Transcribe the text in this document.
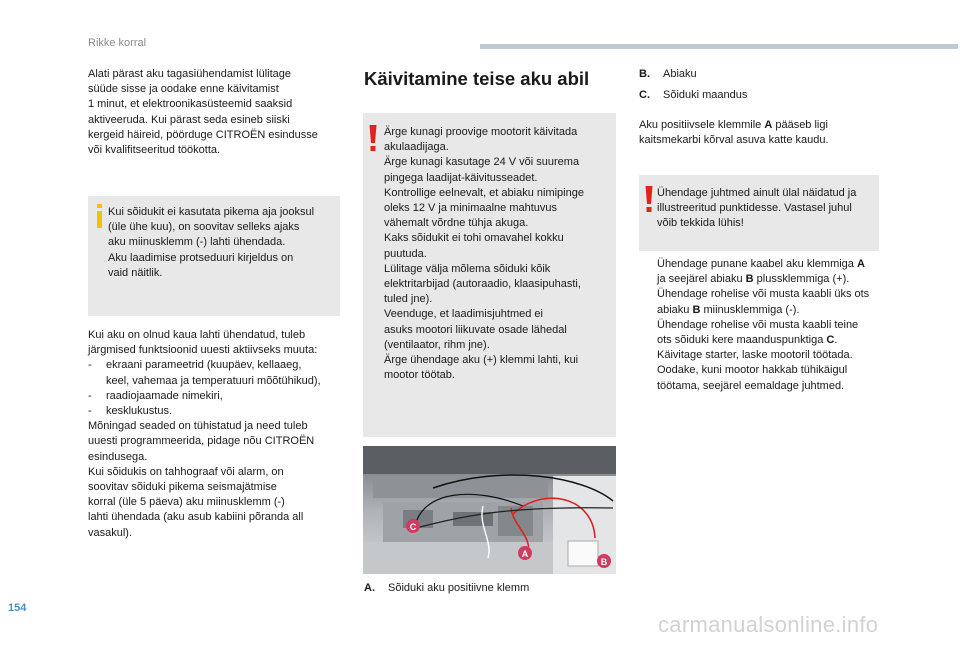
Rikke korral
Alati pärast aku tagasiühendamist lülitage
süüde sisse ja oodake enne käivitamist
1 minut, et elektroonikasüsteemid saaksid
aktiveeruda. Kui pärast seda esineb siiski
kergeid häireid, pöörduge CITROËN esindusse
või kvalifitseeritud töökotta.
Kui sõidukit ei kasutata pikema aja jooksul
(üle ühe kuu), on soovitav selleks ajaks
aku miinusklemm (-) lahti ühendada.
Aku laadimise protseduuri kirjeldus on
vaid näitlik.
Kui aku on olnud kaua lahti ühendatud, tuleb
järgmised funktsioonid uuesti aktiivseks muuta:
-	ekraani parameetrid (kuupäev, kellaaeg,
keel, vahemaa ja temperatuuri mõõtühikud),
-	raadiojaamade nimekiri,
-	kesklukustus.
Mõningad seaded on tühistatud ja need tuleb
uuesti programmeerida, pidage nõu CITROËN
esindusega.
Kui sõidukis on tahhograaf või alarm, on
soovitav sõiduki pikema seismajätmise
korral (üle 5 päeva) aku miinusklemm (-)
lahti ühendada (aku asub kabiini põranda all
vasakul).
Käivitamine teise aku abil
Ärge kunagi proovige mootorit käivitada
akulaadijaga.
Ärge kunagi kasutage 24 V või suurema
pingega laadijat-käivitusseadet.
Kontrollige eelnevalt, et abiaku nimipinge
oleks 12 V ja minimaalne mahtuvus
vähemalt võrdne tühja akuga.
Kaks sõidukit ei tohi omavahel kokku
puutuda.
Lülitage välja mõlema sõiduki kõik
elektritarbijad (autoraadio, klaasipuhasti,
tuled jne).
Veenduge, et laadimisjuhtmed ei
asuks mootori liikuvate osade lähedal
(ventilaator, rihm jne).
Ärge ühendage aku (+) klemmi lahti, kui
mootor töötab.
C
A
B
A. Sõiduki aku positiivne klemm
B.	Abiaku
C.	Sõiduki maandus
Aku positiivsele klemmile A pääseb ligi
kaitsmekarbi kõrval asuva katte kaudu.
Ühendage juhtmed ainult ülal näidatud ja
illustreeritud punktidesse. Vastasel juhul
võib tekkida lühis!
Ühendage punane kaabel aku klemmiga A
ja seejärel abiaku B plussklemmiga (+).
Ühendage rohelise või musta kaabli üks ots
abiaku B miinusklemmiga (-).
Ühendage rohelise või musta kaabli teine
ots sõiduki kere maanduspunktiga C.
Käivitage starter, laske mootoril töötada.
Oodake, kuni mootor hakkab tühikäigul
töötama, seejärel eemaldage juhtmed.
154
carmanualsonline.info
